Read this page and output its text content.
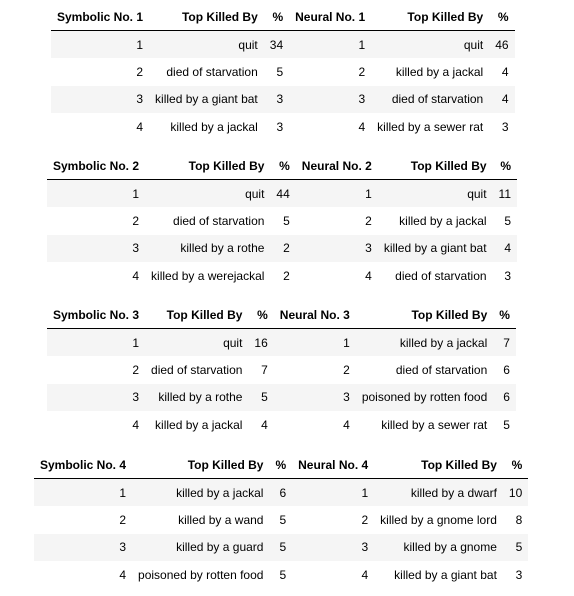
Symbolic No. 1	Top Killed By	%	Neural No. 1	Top Killed By	%
1	quit	34	1	quit	46
2	died of starvation	5	2	killed by a jackal	4
3	killed by a giant bat	3	3	died of starvation	4
4	killed by a jackal	3	4	killed by a sewer rat	3
Symbolic No. 2	Top Killed By	%	Neural No. 2	Top Killed By	%
1	quit	44	1	quit	11
2	died of starvation	5	2	killed by a jackal	5
3	killed by a rothe	2	3	killed by a giant bat	4
4	killed by a werejackal	2	4	died of starvation	3
Symbolic No. 3	Top Killed By	%	Neural No. 3	Top Killed By	%
1	quit	16	1	killed by a jackal	7
2	died of starvation	7	2	died of starvation	6
3	killed by a rothe	5	3	poisoned by rotten food	6
4	killed by a jackal	4	4	killed by a sewer rat	5
Symbolic No. 4	Top Killed By	%	Neural No. 4	Top Killed By	%
1	killed by a jackal	6	1	killed by a dwarf	10
2	killed by a wand	5	2	killed by a gnome lord	8
3	killed by a guard	5	3	killed by a gnome	5
4	poisoned by rotten food	5	4	killed by a giant bat	3
